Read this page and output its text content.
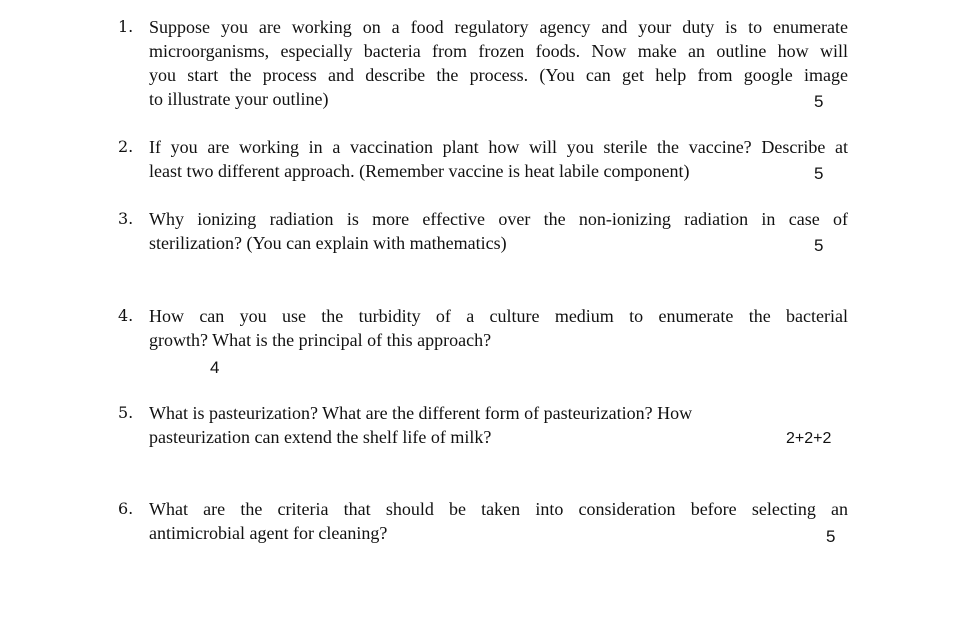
1. Suppose you are working on a food regulatory agency and your duty is to enumerate
microorganisms, especially bacteria from frozen foods. Now make an outline how will
you start the process and describe the process. (You can get help from google image
to illustrate your outline)	5
2. If you are working in a vaccination plant how will you sterile the vaccine? Describe at
least two different approach. (Remember vaccine is heat labile component)	5
3. Why ionizing radiation is more effective over the non-ionizing radiation in case of
sterilization? (You can explain with mathematics)	5
4. How can you use the turbidity of a culture medium to enumerate the bacterial
growth? What is the principal of this approach?
4
5. What is pasteurization? What are the different form of pasteurization? How
pasteurization can extend the shelf life of milk?	2+2+2
6. What are the criteria that should be taken into consideration before selecting an
antimicrobial agent for cleaning?	5
